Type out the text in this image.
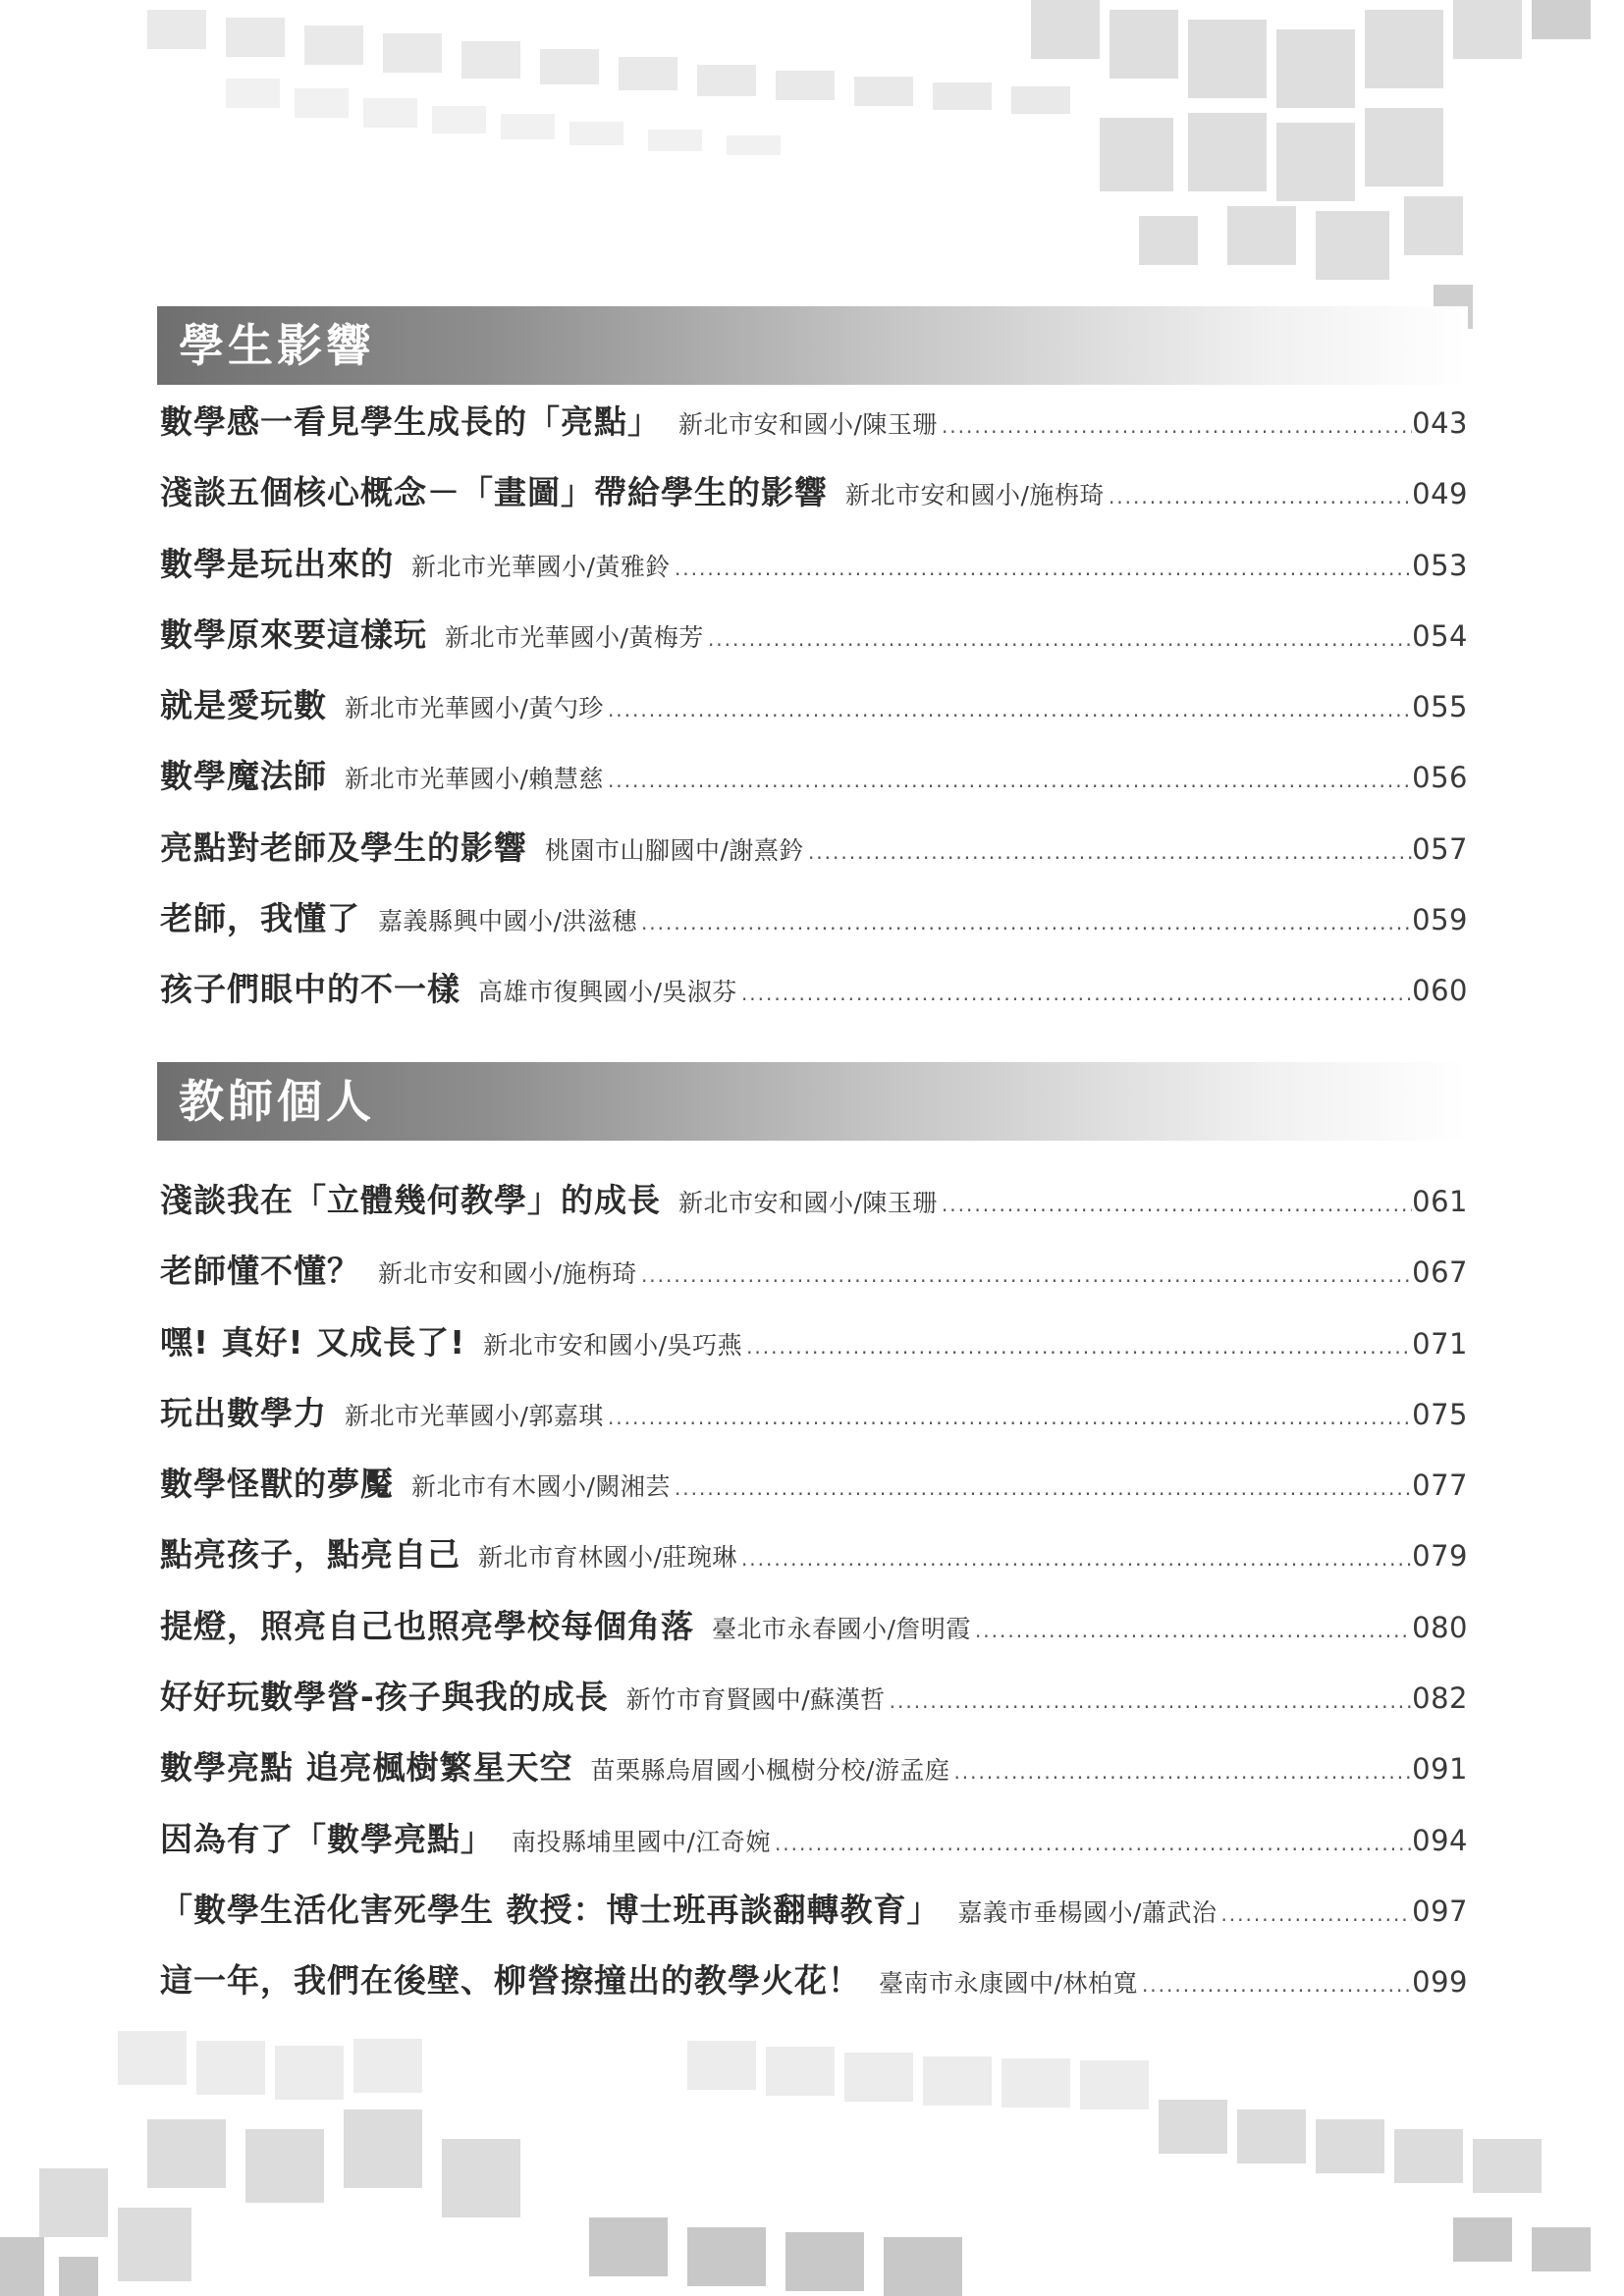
學生影響
數學感一看見學生成長的「亮點」 新北市安和國小/陳玉珊 .....	043
淺談五個核心概念－「畫圖」帶給學生的影響 新北市安和國小/施栴琦 .....	049
數學是玩出來的 新北市光華國小/黃雅鈴 .....	053
數學原來要這樣玩 新北市光華國小/黃梅芳 .....	054
就是愛玩數 新北市光華國小/黃勺珍 .....	055
數學魔法師 新北市光華國小/賴慧慈 .....	056
亮點對老師及學生的影響 桃園市山腳國中/謝熹鈐 .....	057
老師，我懂了 嘉義縣興中國小/洪滋穗 .....	059
孩子們眼中的不一樣 高雄市復興國小/吳淑芬 .....	060
教師個人
淺談我在「立體幾何教學」的成長 新北市安和國小/陳玉珊 .....	061
老師懂不懂？ 新北市安和國小/施栴琦 .....	067
嘿! 真好! 又成長了! 新北市安和國小/吳巧燕 .....	071
玩出數學力 新北市光華國小/郭嘉琪 .....	075
數學怪獸的夢魘 新北市有木國小/闕湘芸 .....	077
點亮孩子，點亮自己 新北市育林國小/莊琬琳 .....	079
提燈，照亮自己也照亮學校每個角落 臺北市永春國小/詹明霞 .....	080
好好玩數學營-孩子與我的成長 新竹市育賢國中/蘇漢哲 .....	082
數學亮點 追亮楓樹繁星天空 苗栗縣烏眉國小楓樹分校/游孟庭 .....	091
因為有了「數學亮點」 南投縣埔里國中/江奇婉 .....	094
「數學生活化害死學生 教授：博士班再談翻轉教育」 嘉義市垂楊國小/蕭武治 .....	097
這一年，我們在後壁、柳營擦撞出的教學火花！ 臺南市永康國中/林柏寬 .....	099
